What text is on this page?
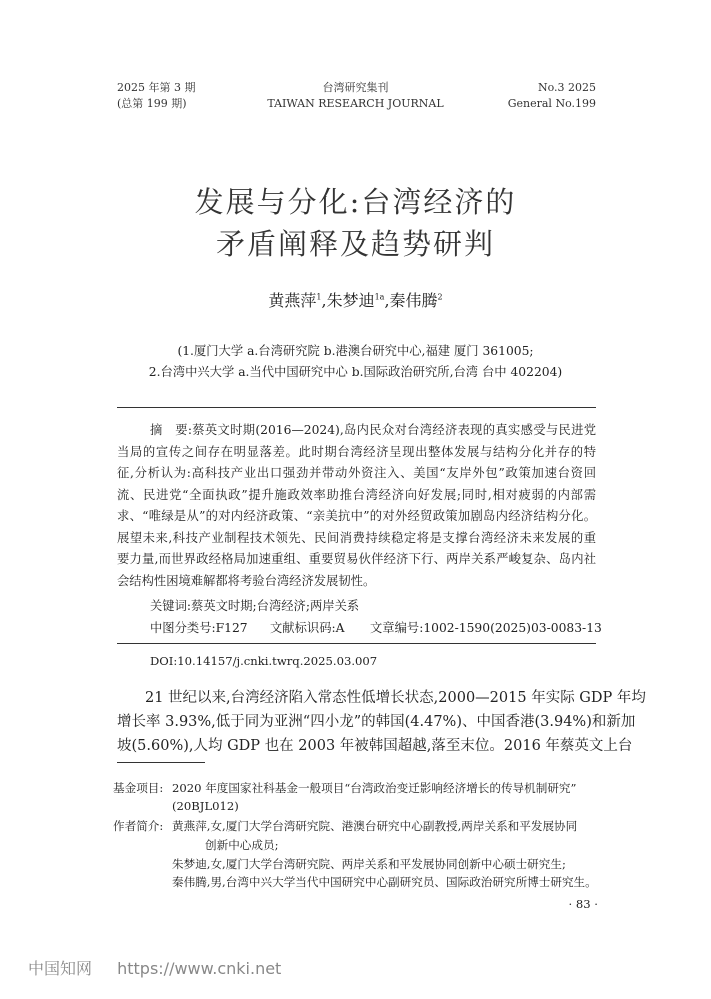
2025 年第 3 期
(总第 199 期)
台湾研究集刊
TAIWAN RESEARCH JOURNAL
No.3 2025
General No.199
发展与分化:台湾经济的
矛盾阐释及趋势研判
黄燕萍$^1$,朱梦迪$^{1a}$,秦伟腾$^2$
(1.厦门大学 a.台湾研究院 b.港澳台研究中心,福建 厦门 361005;
2.台湾中兴大学 a.当代中国研究中心 b.国际政治研究所,台湾 台中 402204)
摘　要:蔡英文时期(2016—2024),岛内民众对台湾经济表现的真实感受与民进党
当局的宣传之间存在明显落差。此时期台湾经济呈现出整体发展与结构分化并存的特
征,分析认为:高科技产业出口强劲并带动外资注入、美国“友岸外包”政策加速台资回
流、民进党“全面执政”提升施政效率助推台湾经济向好发展;同时,相对疲弱的内部需
求、“唯绿是从”的对内经济政策、“亲美抗中”的对外经贸政策加剧岛内经济结构分化。
展望未来,科技产业制程技术领先、民间消费持续稳定将是支撑台湾经济未来发展的重
要力量,而世界政经格局加速重组、重要贸易伙伴经济下行、两岸关系严峻复杂、岛内社
会结构性困境难解都将考验台湾经济发展韧性。
关键词:蔡英文时期;台湾经济;两岸关系
中图分类号:F127 文献标识码:A 文章编号:1002-1590(2025)03-0083-13
DOI:10.14157/j.cnki.twrq.2025.03.007
21 世纪以来,台湾经济陷入常态性低增长状态,2000—2015 年实际 GDP 年均
增长率 3.93%,低于同为亚洲“四小龙”的韩国(4.47%)、中国香港(3.94%)和新加
坡(5.60%),人均 GDP 也在 2003 年被韩国超越,落至末位。2016 年蔡英文上台
基金项目: 2020 年度国家社科基金一般项目“台湾政治变迁影响经济增长的传导机制研究”
(20BJL012)
作者简介: 黄燕萍,女,厦门大学台湾研究院、港澳台研究中心副教授,两岸关系和平发展协同
创新中心成员;
朱梦迪,女,厦门大学台湾研究院、两岸关系和平发展协同创新中心硕士研究生;
秦伟腾,男,台湾中兴大学当代中国研究中心副研究员、国际政治研究所博士研究生。
· 83 ·
中国知网 https://www.cnki.net
